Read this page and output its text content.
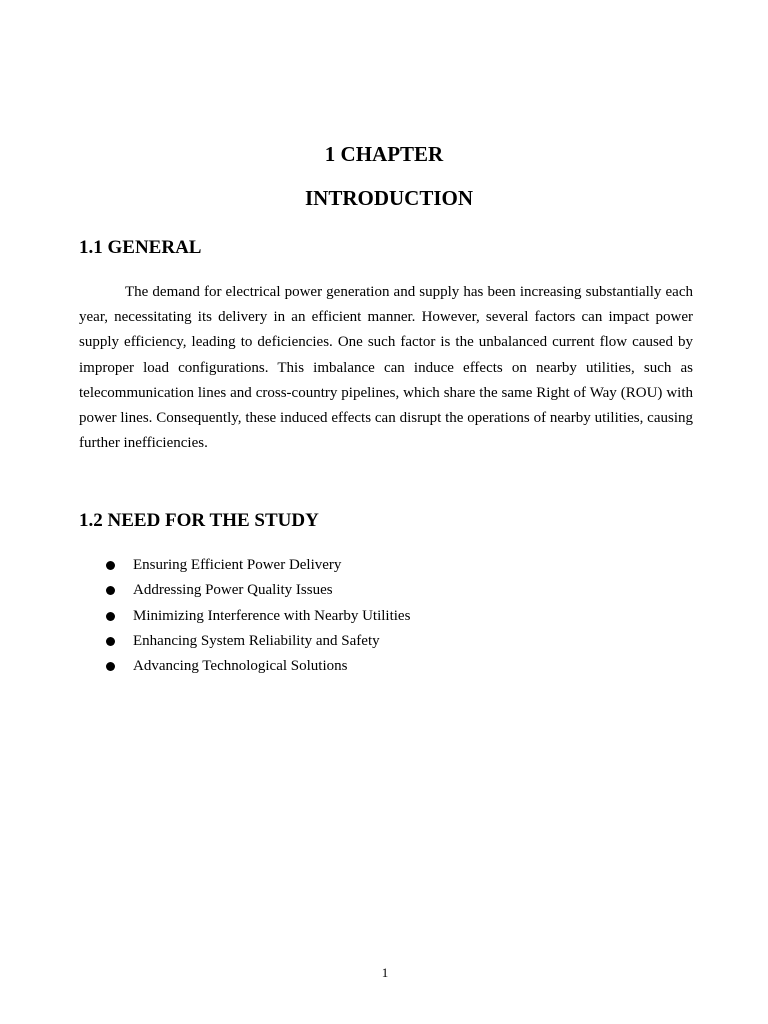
1 CHAPTER
INTRODUCTION
1.1 GENERAL

The demand for electrical power generation and supply has been increasing substantially each year, necessitating its delivery in an efficient manner. However, several factors can impact power supply efficiency, leading to deficiencies. One such factor is the unbalanced current flow caused by improper load configurations. This imbalance can induce effects on nearby utilities, such as telecommunication lines and cross-country pipelines, which share the same Right of Way (ROU) with power lines. Consequently, these induced effects can disrupt the operations of nearby utilities, causing further inefficiencies.

1.2 NEED FOR THE STUDY
Ensuring Efficient Power Delivery
Addressing Power Quality Issues
Minimizing Interference with Nearby Utilities
Enhancing System Reliability and Safety
Advancing Technological Solutions
1
